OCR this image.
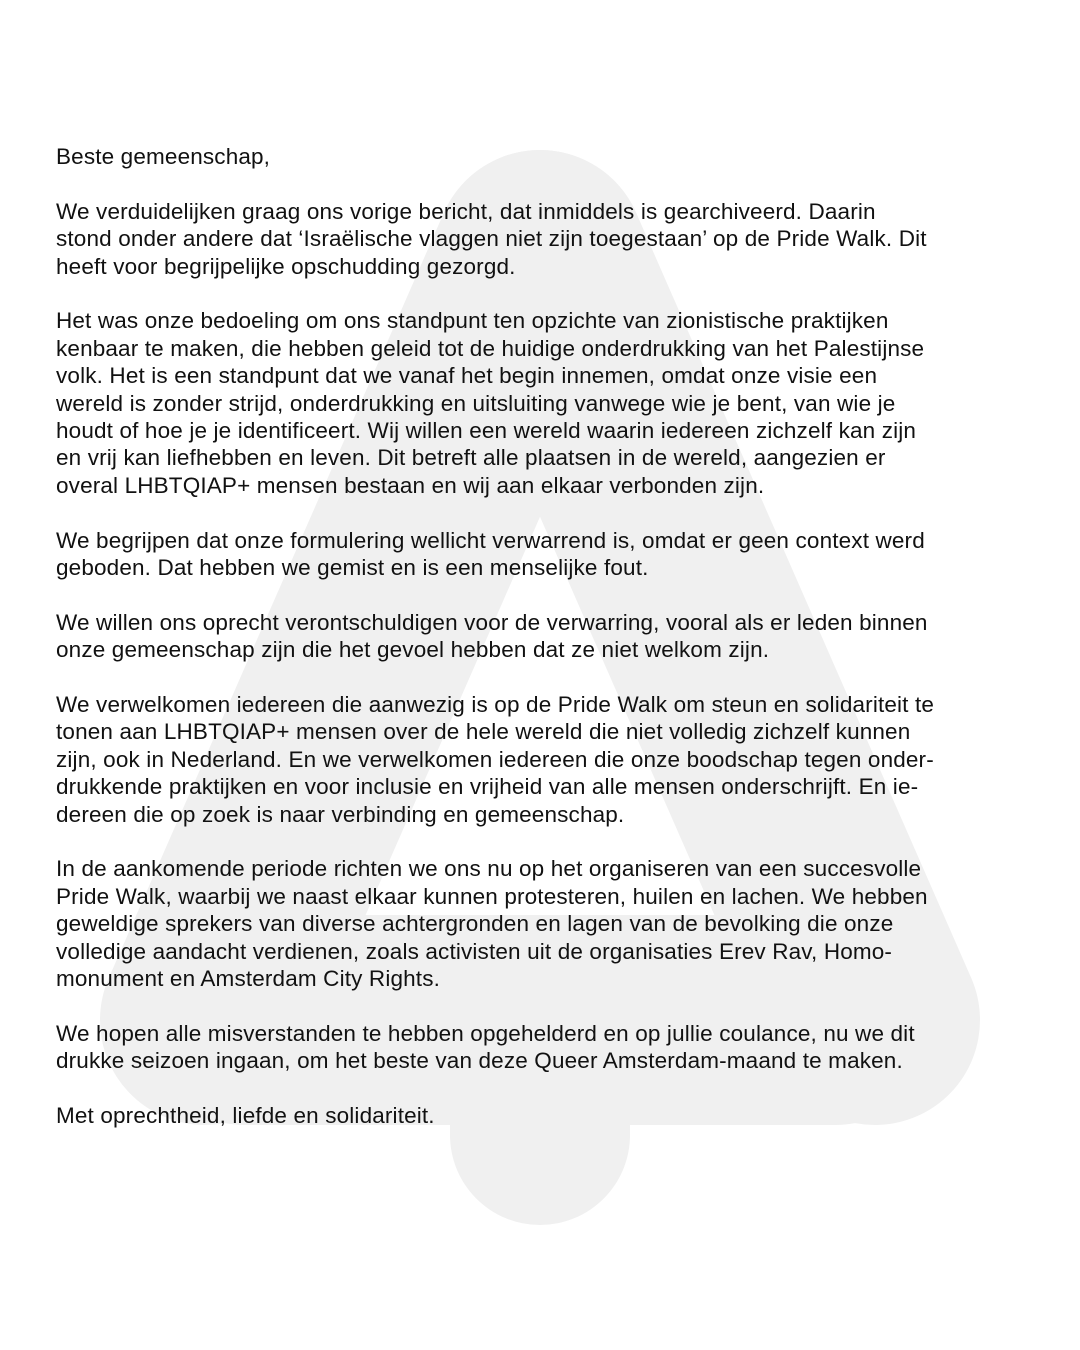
Beste gemeenschap,

We verduidelijken graag ons vorige bericht, dat inmiddels is gearchiveerd. Daarin
stond onder andere dat ‘Israëlische vlaggen niet zijn toegestaan’ op de Pride Walk. Dit
heeft voor begrijpelijke opschudding gezorgd.

Het was onze bedoeling om ons standpunt ten opzichte van zionistische praktijken
kenbaar te maken, die hebben geleid tot de huidige onderdrukking van het Palestijnse
volk. Het is een standpunt dat we vanaf het begin innemen, omdat onze visie een
wereld is zonder strijd, onderdrukking en uitsluiting vanwege wie je bent, van wie je
houdt of hoe je je identificeert. Wij willen een wereld waarin iedereen zichzelf kan zijn
en vrij kan liefhebben en leven. Dit betreft alle plaatsen in de wereld, aangezien er
overal LHBTQIAP+ mensen bestaan en wij aan elkaar verbonden zijn.

We begrijpen dat onze formulering wellicht verwarrend is, omdat er geen context werd
geboden. Dat hebben we gemist en is een menselijke fout.

We willen ons oprecht verontschuldigen voor de verwarring, vooral als er leden binnen
onze gemeenschap zijn die het gevoel hebben dat ze niet welkom zijn.

We verwelkomen iedereen die aanwezig is op de Pride Walk om steun en solidariteit te
tonen aan LHBTQIAP+ mensen over de hele wereld die niet volledig zichzelf kunnen
zijn, ook in Nederland. En we verwelkomen iedereen die onze boodschap tegen onder-
drukkende praktijken en voor inclusie en vrijheid van alle mensen onderschrijft. En ie-
dereen die op zoek is naar verbinding en gemeenschap.

In de aankomende periode richten we ons nu op het organiseren van een succesvolle
Pride Walk, waarbij we naast elkaar kunnen protesteren, huilen en lachen. We hebben
geweldige sprekers van diverse achtergronden en lagen van de bevolking die onze
volledige aandacht verdienen, zoals activisten uit de organisaties Erev Rav, Homo-
monument en Amsterdam City Rights.

We hopen alle misverstanden te hebben opgehelderd en op jullie coulance, nu we dit
drukke seizoen ingaan, om het beste van deze Queer Amsterdam-maand te maken.

Met oprechtheid, liefde en solidariteit.
